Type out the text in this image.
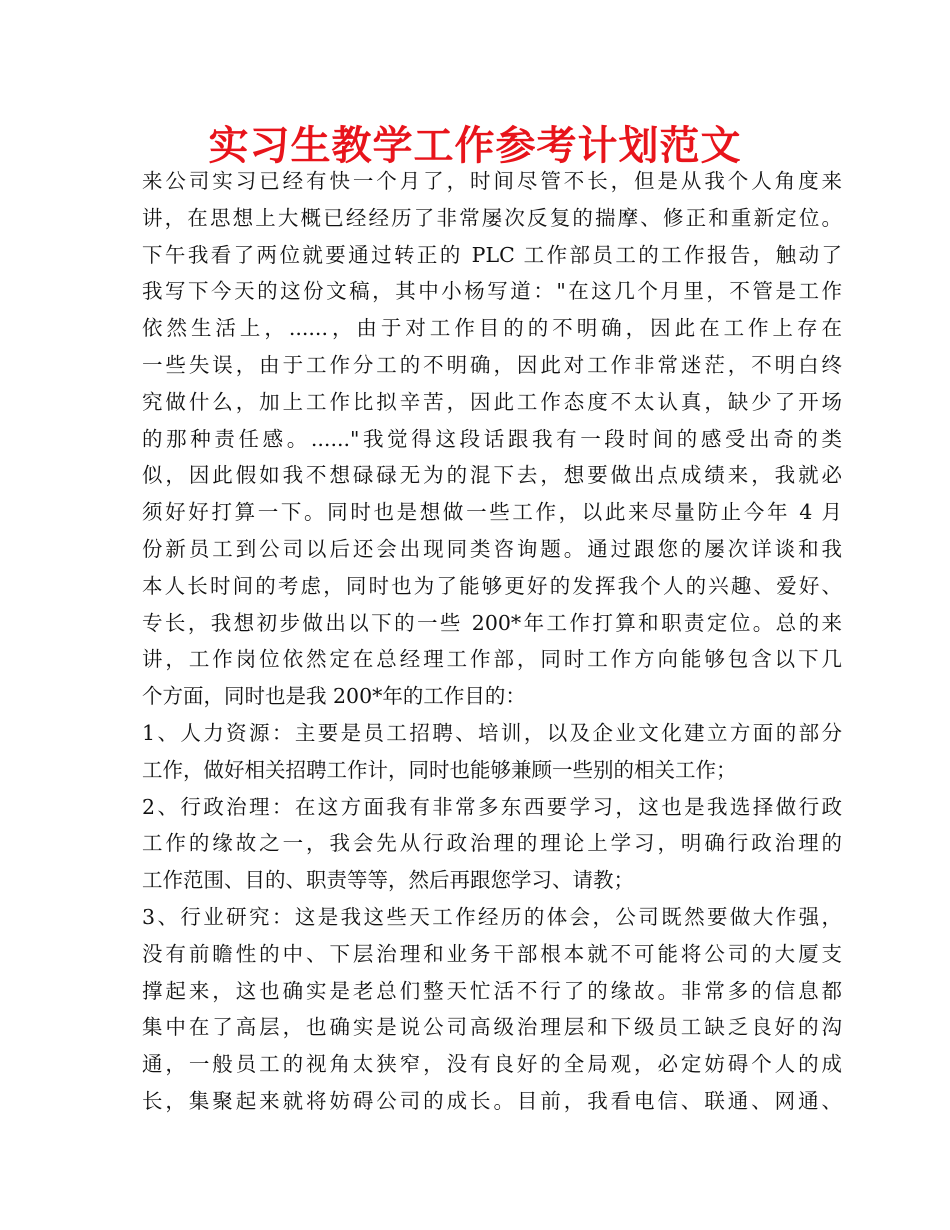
实习生教学工作参考计划范文
来公司实习已经有快一个月了，时间尽管不长，但是从我个人角度来
讲，在思想上大概已经经历了非常屡次反复的揣摩、修正和重新定位。
下午我看了两位就要通过转正的 PLC 工作部员工的工作报告，触动了
我写下今天的这份文稿，其中小杨写道："在这几个月里，不管是工作
依然生活上，......，由于对工作目的的不明确，因此在工作上存在
一些失误，由于工作分工的不明确，因此对工作非常迷茫，不明白终
究做什么，加上工作比拟辛苦，因此工作态度不太认真，缺少了开场
的那种责任感。......"我觉得这段话跟我有一段时间的感受出奇的类
似，因此假如我不想碌碌无为的混下去，想要做出点成绩来，我就必
须好好打算一下。同时也是想做一些工作，以此来尽量防止今年 4 月
份新员工到公司以后还会出现同类咨询题。通过跟您的屡次详谈和我
本人长时间的考虑，同时也为了能够更好的发挥我个人的兴趣、爱好、
专长，我想初步做出以下的一些 200*年工作打算和职责定位。总的来
讲，工作岗位依然定在总经理工作部，同时工作方向能够包含以下几
个方面，同时也是我 200*年的工作目的：
1、人力资源：主要是员工招聘、培训，以及企业文化建立方面的部分
工作，做好相关招聘工作计，同时也能够兼顾一些别的相关工作；
2、行政治理：在这方面我有非常多东西要学习，这也是我选择做行政
工作的缘故之一，我会先从行政治理的理论上学习，明确行政治理的
工作范围、目的、职责等等，然后再跟您学习、请教；
3、行业研究：这是我这些天工作经历的体会，公司既然要做大作强，
没有前瞻性的中、下层治理和业务干部根本就不可能将公司的大厦支
撑起来，这也确实是老总们整天忙活不行了的缘故。非常多的信息都
集中在了高层，也确实是说公司高级治理层和下级员工缺乏良好的沟
通，一般员工的视角太狭窄，没有良好的全局观，必定妨碍个人的成
长，集聚起来就将妨碍公司的成长。目前，我看电信、联通、网通、
